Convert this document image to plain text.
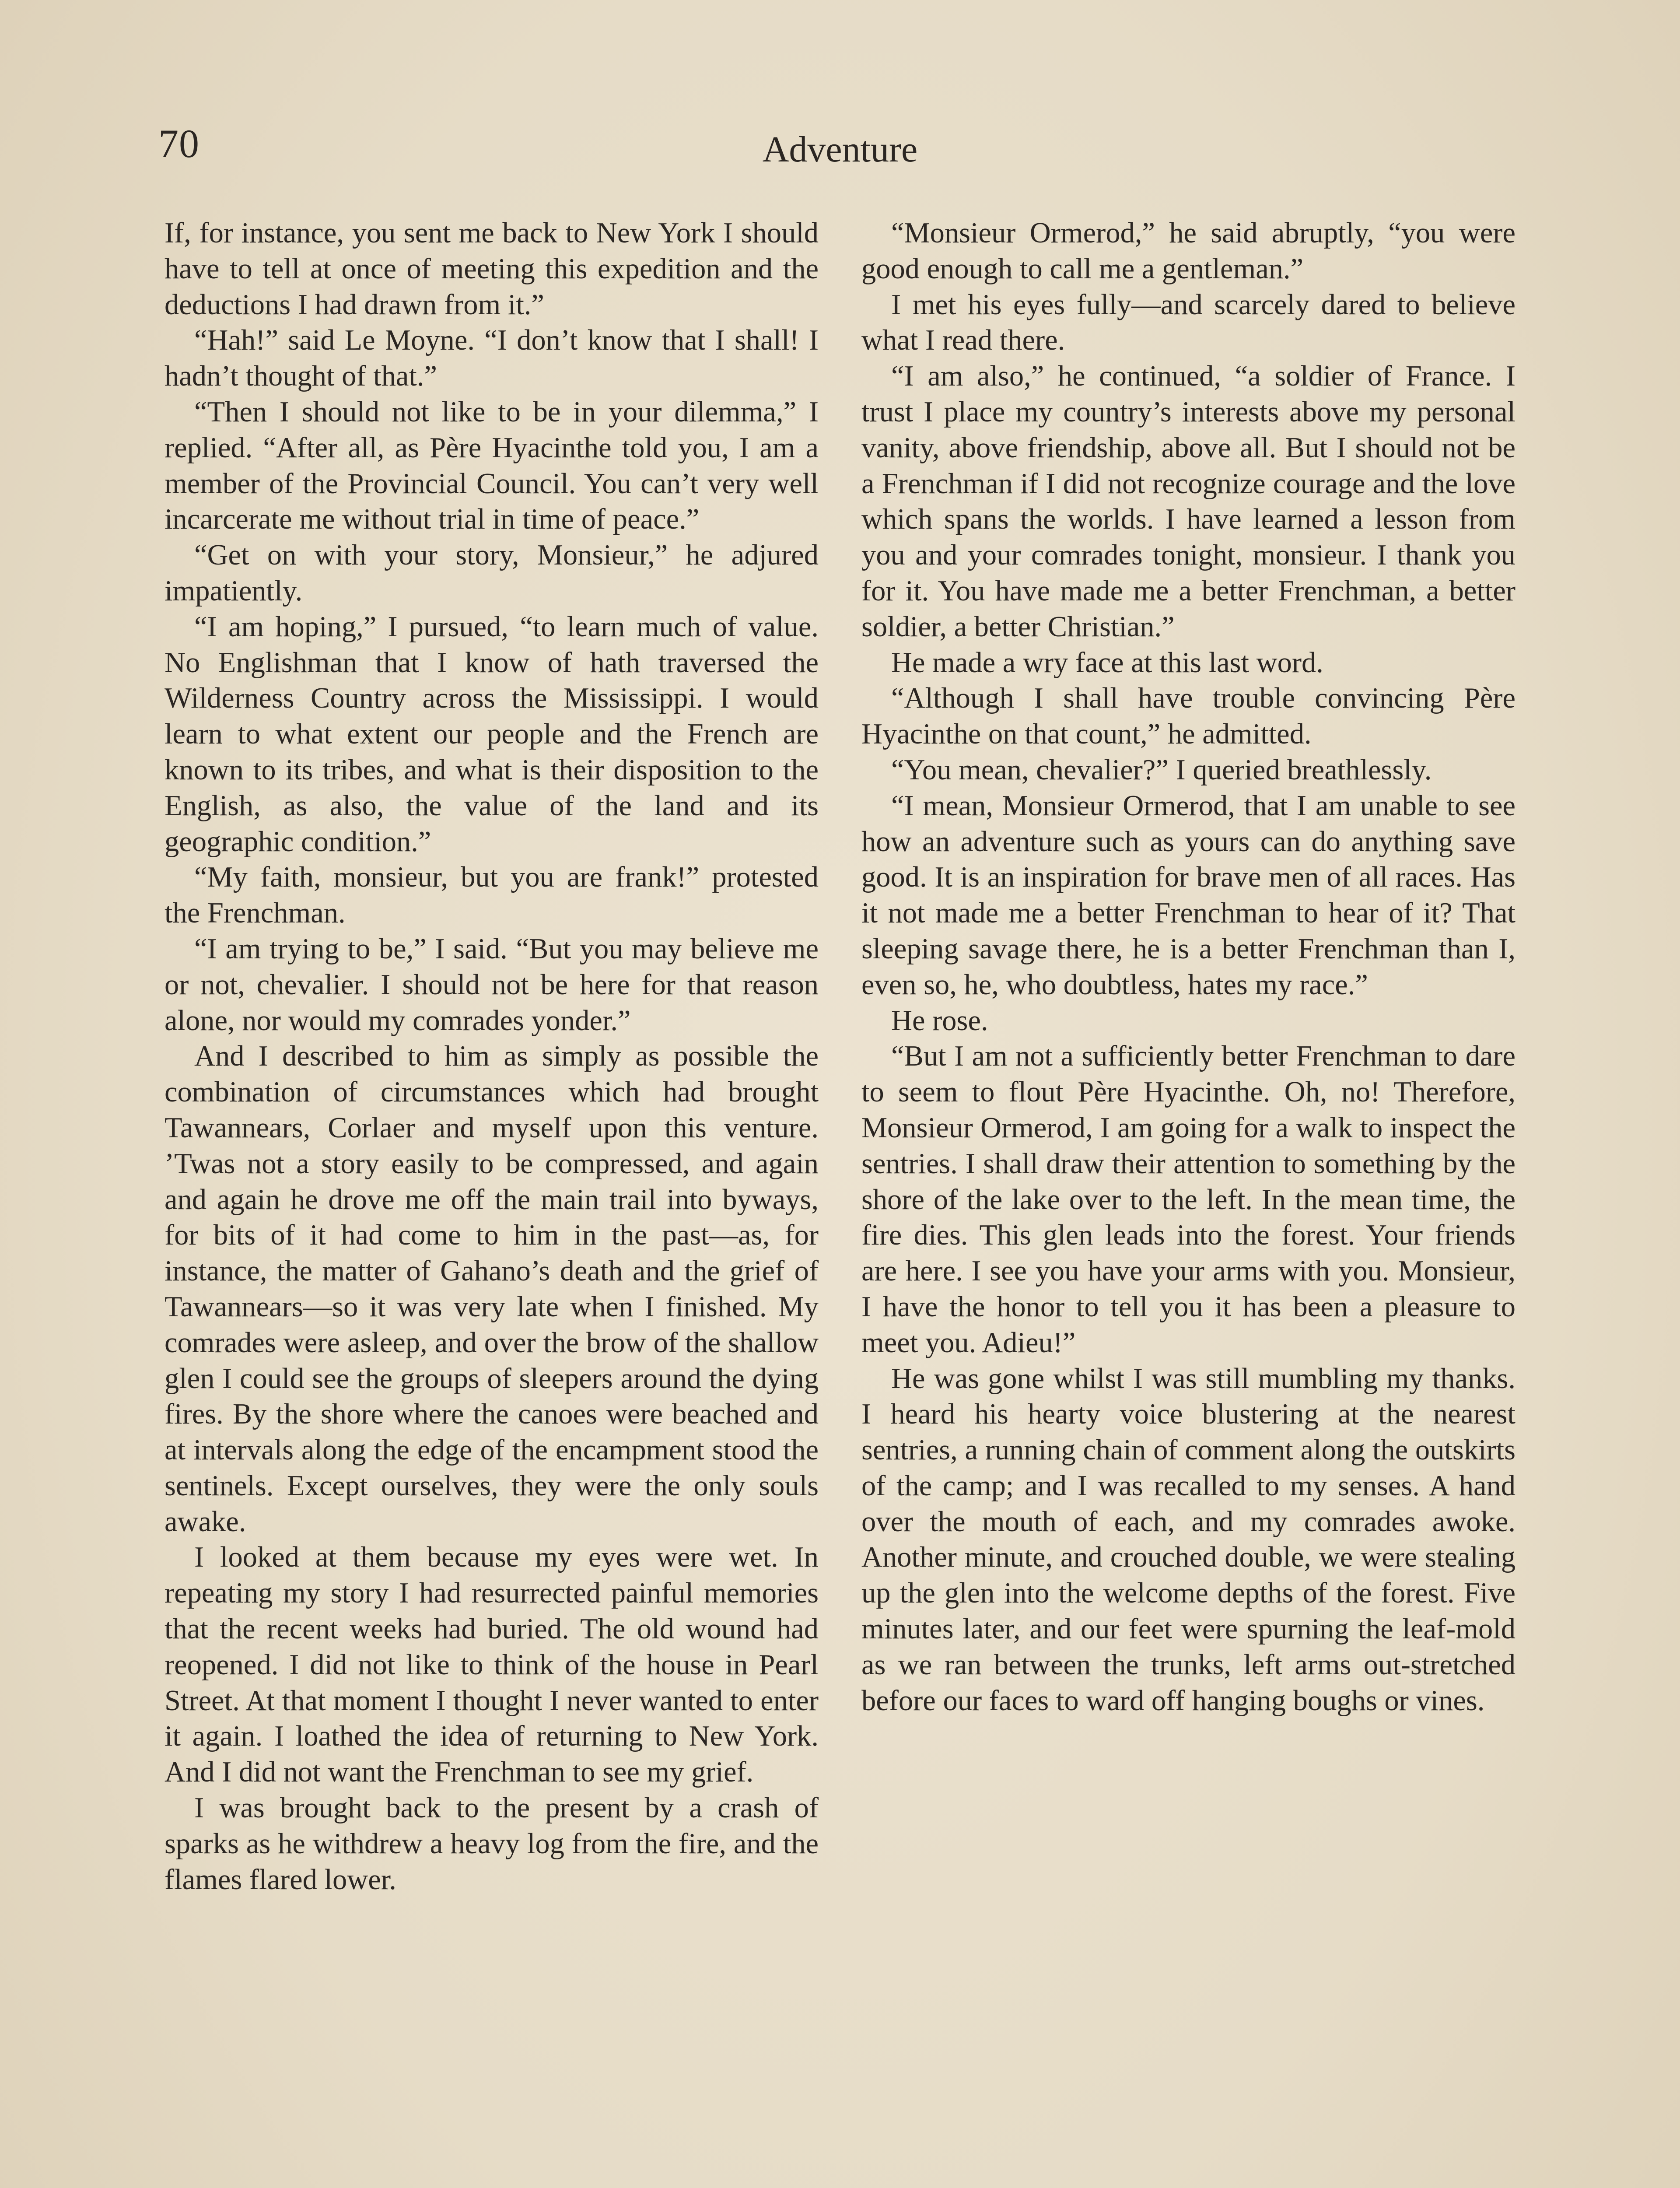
70	Adventure

If, for instance, you sent me back to New York I should have to tell at once of meeting this expedition and the deductions I had drawn from it.”

“Hah!” said Le Moyne. “I don’t know that I shall! I hadn’t thought of that.”

“Then I should not like to be in your dilemma,” I replied. “After all, as Père Hyacinthe told you, I am a member of the Provincial Council. You can’t very well incarcerate me without trial in time of peace.”

“Get on with your story, Monsieur,” he adjured impatiently.

“I am hoping,” I pursued, “to learn much of value. No Englishman that I know of hath traversed the Wilderness Country across the Mississippi. I would learn to what extent our people and the French are known to its tribes, and what is their disposition to the English, as also, the value of the land and its geographic condition.”

“My faith, monsieur, but you are frank!” protested the Frenchman.

“I am trying to be,” I said. “But you may believe me or not, chevalier. I should not be here for that reason alone, nor would my comrades yonder.”

And I described to him as simply as possible the combination of circumstances which had brought Tawannears, Corlaer and myself upon this venture. ’Twas not a story easily to be compressed, and again and again he drove me off the main trail into byways, for bits of it had come to him in the past—as, for instance, the matter of Gahano’s death and the grief of Tawannears—so it was very late when I finished. My comrades were asleep, and over the brow of the shallow glen I could see the groups of sleepers around the dying fires. By the shore where the canoes were beached and at intervals along the edge of the encampment stood the sentinels. Except ourselves, they were the only souls awake.

I looked at them because my eyes were wet. In repeating my story I had resurrected painful memories that the recent weeks had buried. The old wound had reopened. I did not like to think of the house in Pearl Street. At that moment I thought I never wanted to enter it again. I loathed the idea of returning to New York. And I did not want the Frenchman to see my grief.

I was brought back to the present by a crash of sparks as he withdrew a heavy log from the fire, and the flames flared lower.

“Monsieur Ormerod,” he said abruptly, “you were good enough to call me a gentleman.”

I met his eyes fully—and scarcely dared to believe what I read there.

“I am also,” he continued, “a soldier of France. I trust I place my country’s interests above my personal vanity, above friendship, above all. But I should not be a Frenchman if I did not recognize courage and the love which spans the worlds. I have learned a lesson from you and your comrades tonight, monsieur. I thank you for it. You have made me a better Frenchman, a better soldier, a better Christian.”

He made a wry face at this last word.

“Although I shall have trouble convincing Père Hyacinthe on that count,” he admitted.

“You mean, chevalier?” I queried breathlessly.

“I mean, Monsieur Ormerod, that I am unable to see how an adventure such as yours can do anything save good. It is an inspiration for brave men of all races. Has it not made me a better Frenchman to hear of it? That sleeping savage there, he is a better Frenchman than I, even so, he, who doubtless, hates my race.”

He rose.

“But I am not a sufficiently better Frenchman to dare to seem to flout Père Hyacinthe. Oh, no! Therefore, Monsieur Ormerod, I am going for a walk to inspect the sentries. I shall draw their attention to something by the shore of the lake over to the left. In the mean time, the fire dies. This glen leads into the forest. Your friends are here. I see you have your arms with you. Monsieur, I have the honor to tell you it has been a pleasure to meet you. Adieu!”

He was gone whilst I was still mumbling my thanks. I heard his hearty voice blustering at the nearest sentries, a running chain of comment along the outskirts of the camp; and I was recalled to my senses. A hand over the mouth of each, and my comrades awoke. Another minute, and crouched double, we were stealing up the glen into the welcome depths of the forest. Five minutes later, and our feet were spurning the leaf-mold as we ran between the trunks, left arms out-stretched before our faces to ward off hanging boughs or vines.
